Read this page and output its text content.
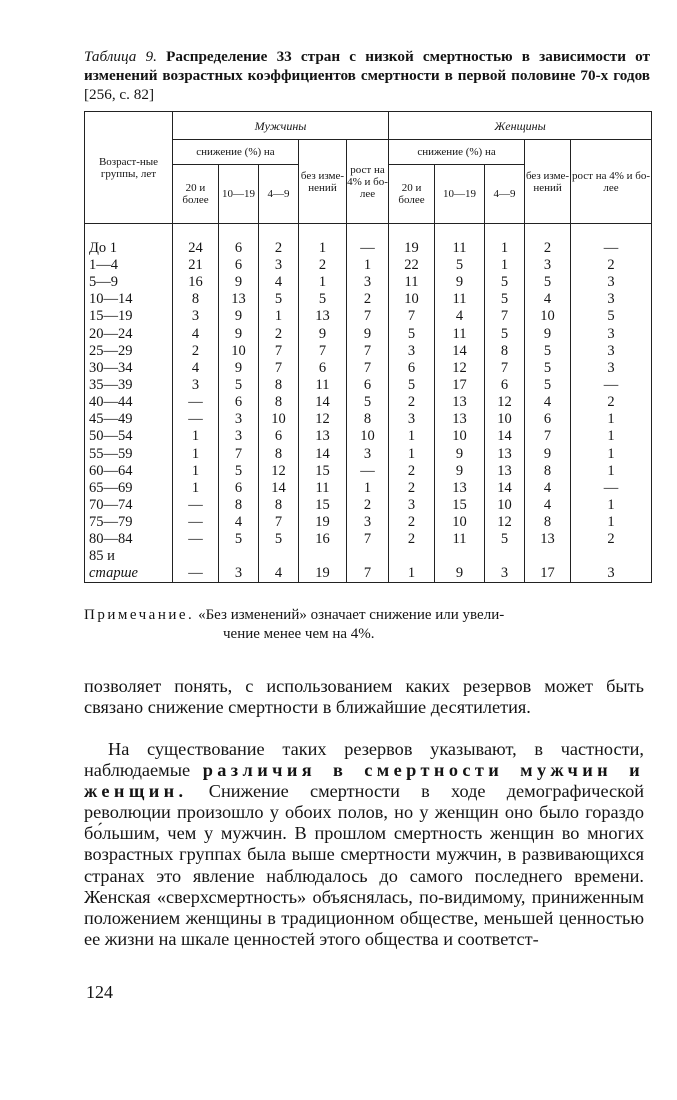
Таблица 9. Распределение 33 стран с низкой смертностью в зависимости от изменений возрастных коэффициентов смертности в первой половине 70-х годов [256, с. 82]
Возраст-ные группы, лет	Мужчины					Женщины				
	снижение (%) на			без изме-нений	рост на 4% и бо-лее	снижение (%) на			без изме-нений	рост на 4% и бо-лее
	20 и более	10—19	4—9			20 и более	10—19	4—9		
До 1	24	6	2	1	—	19	11	1	2	—
1—4	21	6	3	2	1	22	5	1	3	2
5—9	16	9	4	1	3	11	9	5	5	3
10—14	8	13	5	5	2	10	11	5	4	3
15—19	3	9	1	13	7	7	4	7	10	5
20—24	4	9	2	9	9	5	11	5	9	3
25—29	2	10	7	7	7	3	14	8	5	3
30—34	4	9	7	6	7	6	12	7	5	3
35—39	3	5	8	11	6	5	17	6	5	—
40—44	—	6	8	14	5	2	13	12	4	2
45—49	—	3	10	12	8	3	13	10	6	1
50—54	1	3	6	13	10	1	10	14	7	1
55—59	1	7	8	14	3	1	9	13	9	1
60—64	1	5	12	15	—	2	9	13	8	1
65—69	1	6	14	11	1	2	13	14	4	—
70—74	—	8	8	15	2	3	15	10	4	1
75—79	—	4	7	19	3	2	10	12	8	1
80—84	—	5	5	16	7	2	11	5	13	2
85 и
старше	—	3	4	19	7	1	9	3	17	3
Примечание. «Без изменений» означает снижение или увели-
чение менее чем на 4%.
позволяет понять, с использованием каких резервов может быть связано снижение смертности в ближайшие десятилетия.
На существование таких резервов указывают, в частности, наблюдаемые различия в смертности мужчин и женщин. Снижение смертности в ходе демографической революции произошло у обоих полов, но у женщин оно было гораздо бо́льшим, чем у мужчин. В прошлом смертность женщин во многих возрастных группах была выше смертности мужчин, в развивающихся странах это явление наблюдалось до самого последнего времени. Женская «сверхсмертность» объяснялась, по-видимому, приниженным положением женщины в традиционном обществе, меньшей ценностью ее жизни на шкале ценностей этого общества и соответст-
124
